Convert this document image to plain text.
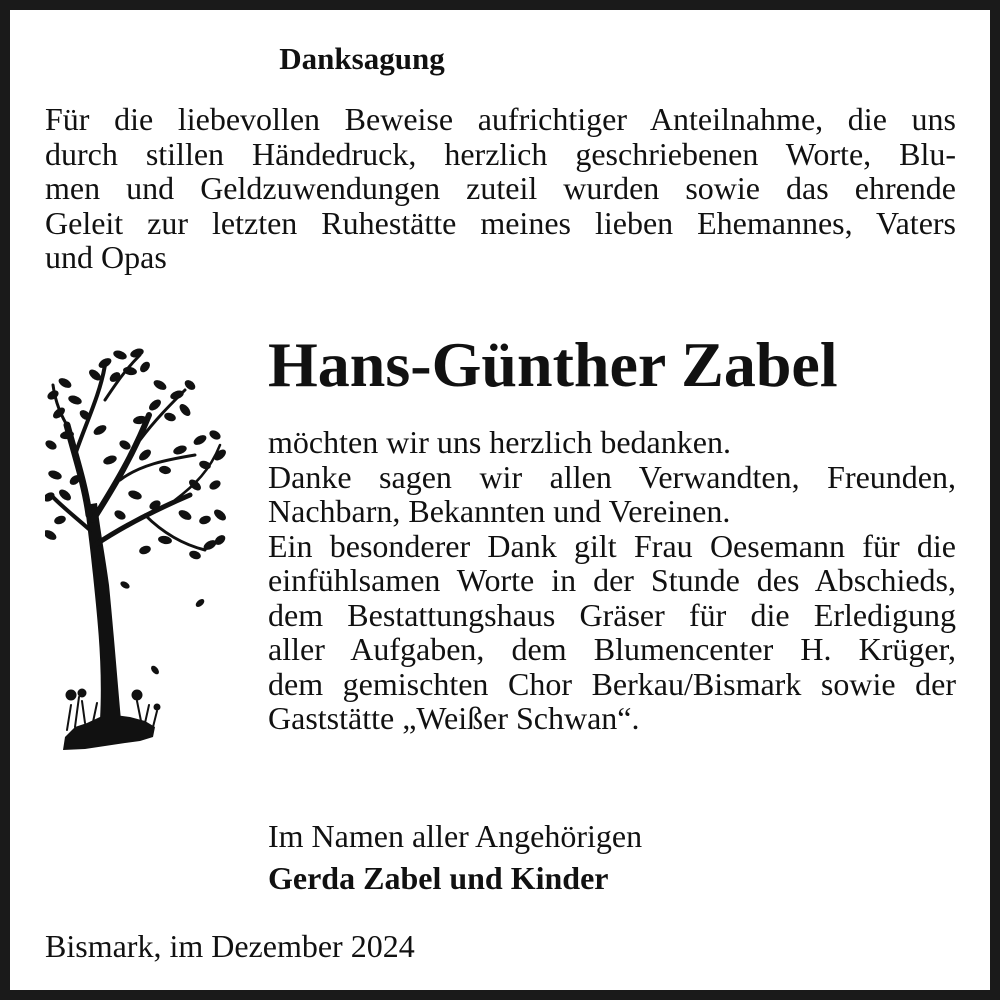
Danksagung
Für die liebevollen Beweise aufrichtiger Anteilnahme, die uns
durch stillen Händedruck, herzlich geschriebenen Worte, Blu-
men und Geldzuwendungen zuteil wurden sowie das ehrende
Geleit zur letzten Ruhestätte meines lieben Ehemannes, Vaters
und Opas
Hans-Günther Zabel
möchten wir uns herzlich bedanken.
Danke sagen wir allen Verwandten, Freunden,
Nachbarn, Bekannten und Vereinen.
Ein besonderer Dank gilt Frau Oesemann für die
einfühlsamen Worte in der Stunde des Abschieds,
dem Bestattungshaus Gräser für die Erledigung
aller Aufgaben, dem Blumencenter H. Krüger,
dem gemischten Chor Berkau/Bismark sowie der
Gaststätte „Weißer Schwan“.
Im Namen aller Angehörigen
Gerda Zabel und Kinder
Bismark, im Dezember 2024
